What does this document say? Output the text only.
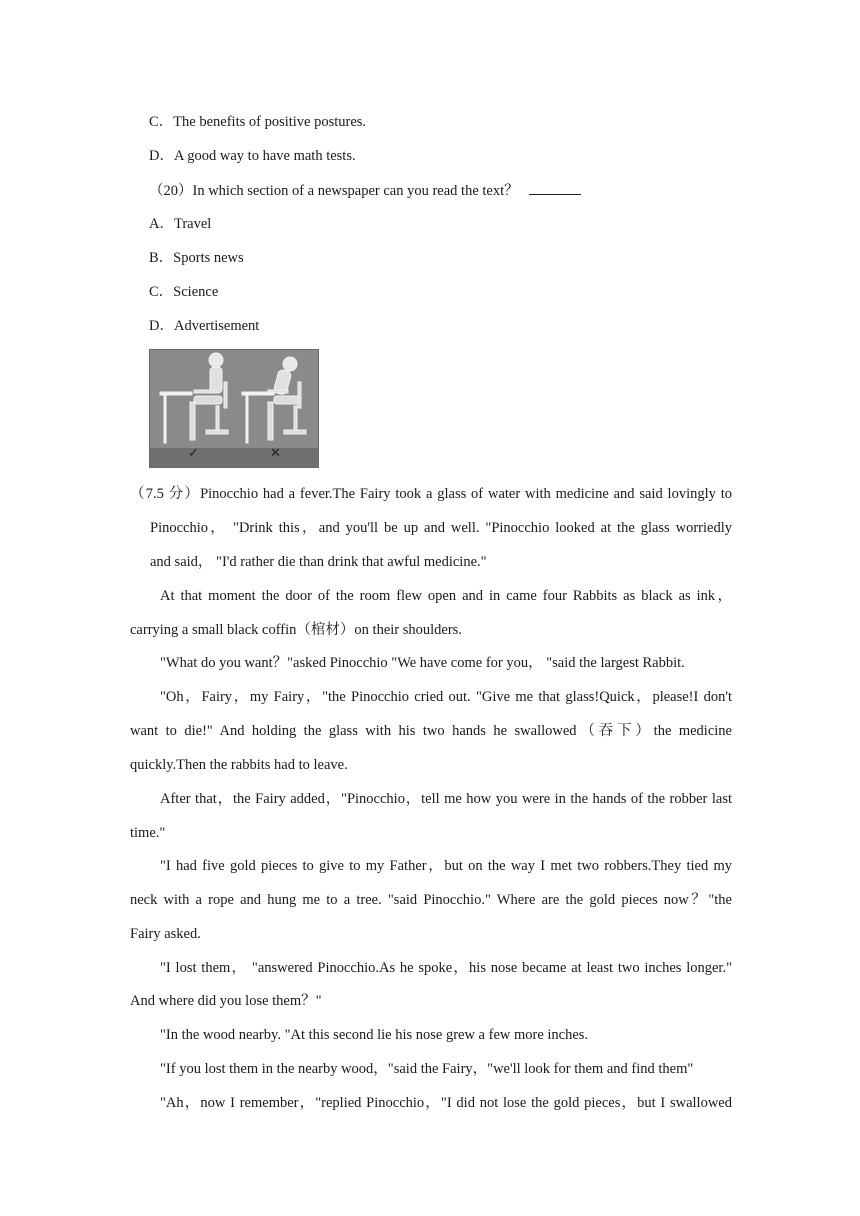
C．The benefits of positive postures.
D．A good way to have math tests.
（20）In which section of a newspaper can you read the text？
A．Travel
B．Sports news
C．Science
D．Advertisement
✓	✕
（7.5 分）Pinocchio had a fever.The Fairy took a glass of water with medicine and said lovingly to
Pinocchio， "Drink this，and you'll be up and well. "Pinocchio looked at the glass worriedly
and said， "I'd rather die than drink that awful medicine."
At that moment the door of the room flew open and in came four Rabbits as black as ink，
carrying a small black coffin（棺材）on their shoulders.
"What do you want？"asked Pinocchio "We have come for you， "said the largest Rabbit.
"Oh，Fairy，my Fairy，"the Pinocchio cried out. "Give me that glass!Quick，please!I don't
want to die!" And holding the glass with his two hands he swallowed（吞下）the medicine
quickly.Then the rabbits had to leave.
After that，the Fairy added，"Pinocchio，tell me how you were in the hands of the robber last
time."
"I had five gold pieces to give to my Father，but on the way I met two robbers.They tied my
neck with a rope and hung me to a tree. "said Pinocchio." Where are the gold pieces now？"the
Fairy asked.
"I lost them， "answered Pinocchio.As he spoke，his nose became at least two inches longer."
And where did you lose them？"
"In the wood nearby. "At this second lie his nose grew a few more inches.
"If you lost them in the nearby wood，"said the Fairy，"we'll look for them and find them"
"Ah，now I remember，"replied Pinocchio，"I did not lose the gold pieces，but I swallowed
